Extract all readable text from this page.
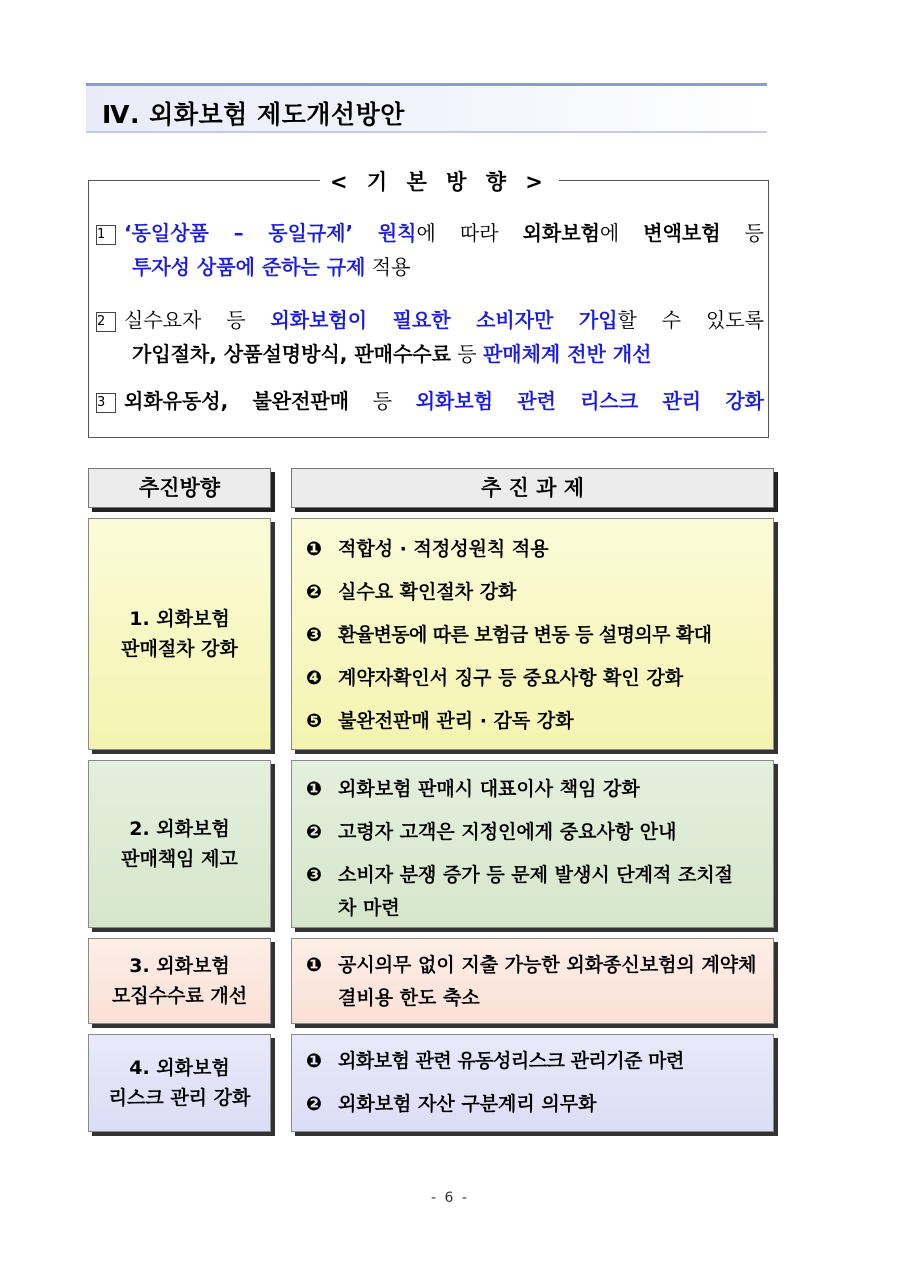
Ⅳ. 외화보험 제도개선방안
< 기 본 방 향 >
1 ‘동일상품 – 동일규제’ 원칙에 따라 외화보험에 변액보험 등
투자성 상품에 준하는 규제 적용
2 실수요자 등 외화보험이 필요한 소비자만 가입할 수 있도록
가입절차, 상품설명방식, 판매수수료 등 판매체계 전반 개선
3 외화유동성, 불완전판매 등 외화보험 관련 리스크 관리 강화
추진방향	추 진 과 제
1. 외화보험
판매절차 강화
❶ 적합성 · 적정성원칙 적용
❷ 실수요 확인절차 강화
❸ 환율변동에 따른 보험금 변동 등 설명의무 확대
❹ 계약자확인서 징구 등 중요사항 확인 강화
❺ 불완전판매 관리 · 감독 강화
2. 외화보험
판매책임 제고
❶ 외화보험 판매시 대표이사 책임 강화
❷ 고령자 고객은 지정인에게 중요사항 안내
❸ 소비자 분쟁 증가 등 문제 발생시 단계적 조치절차 마련
3. 외화보험
모집수수료 개선
❶ 공시의무 없이 지출 가능한 외화종신보험의 계약체결비용 한도 축소
4. 외화보험
리스크 관리 강화
❶ 외화보험 관련 유동성리스크 관리기준 마련
❷ 외화보험 자산 구분계리 의무화
- 6 -
